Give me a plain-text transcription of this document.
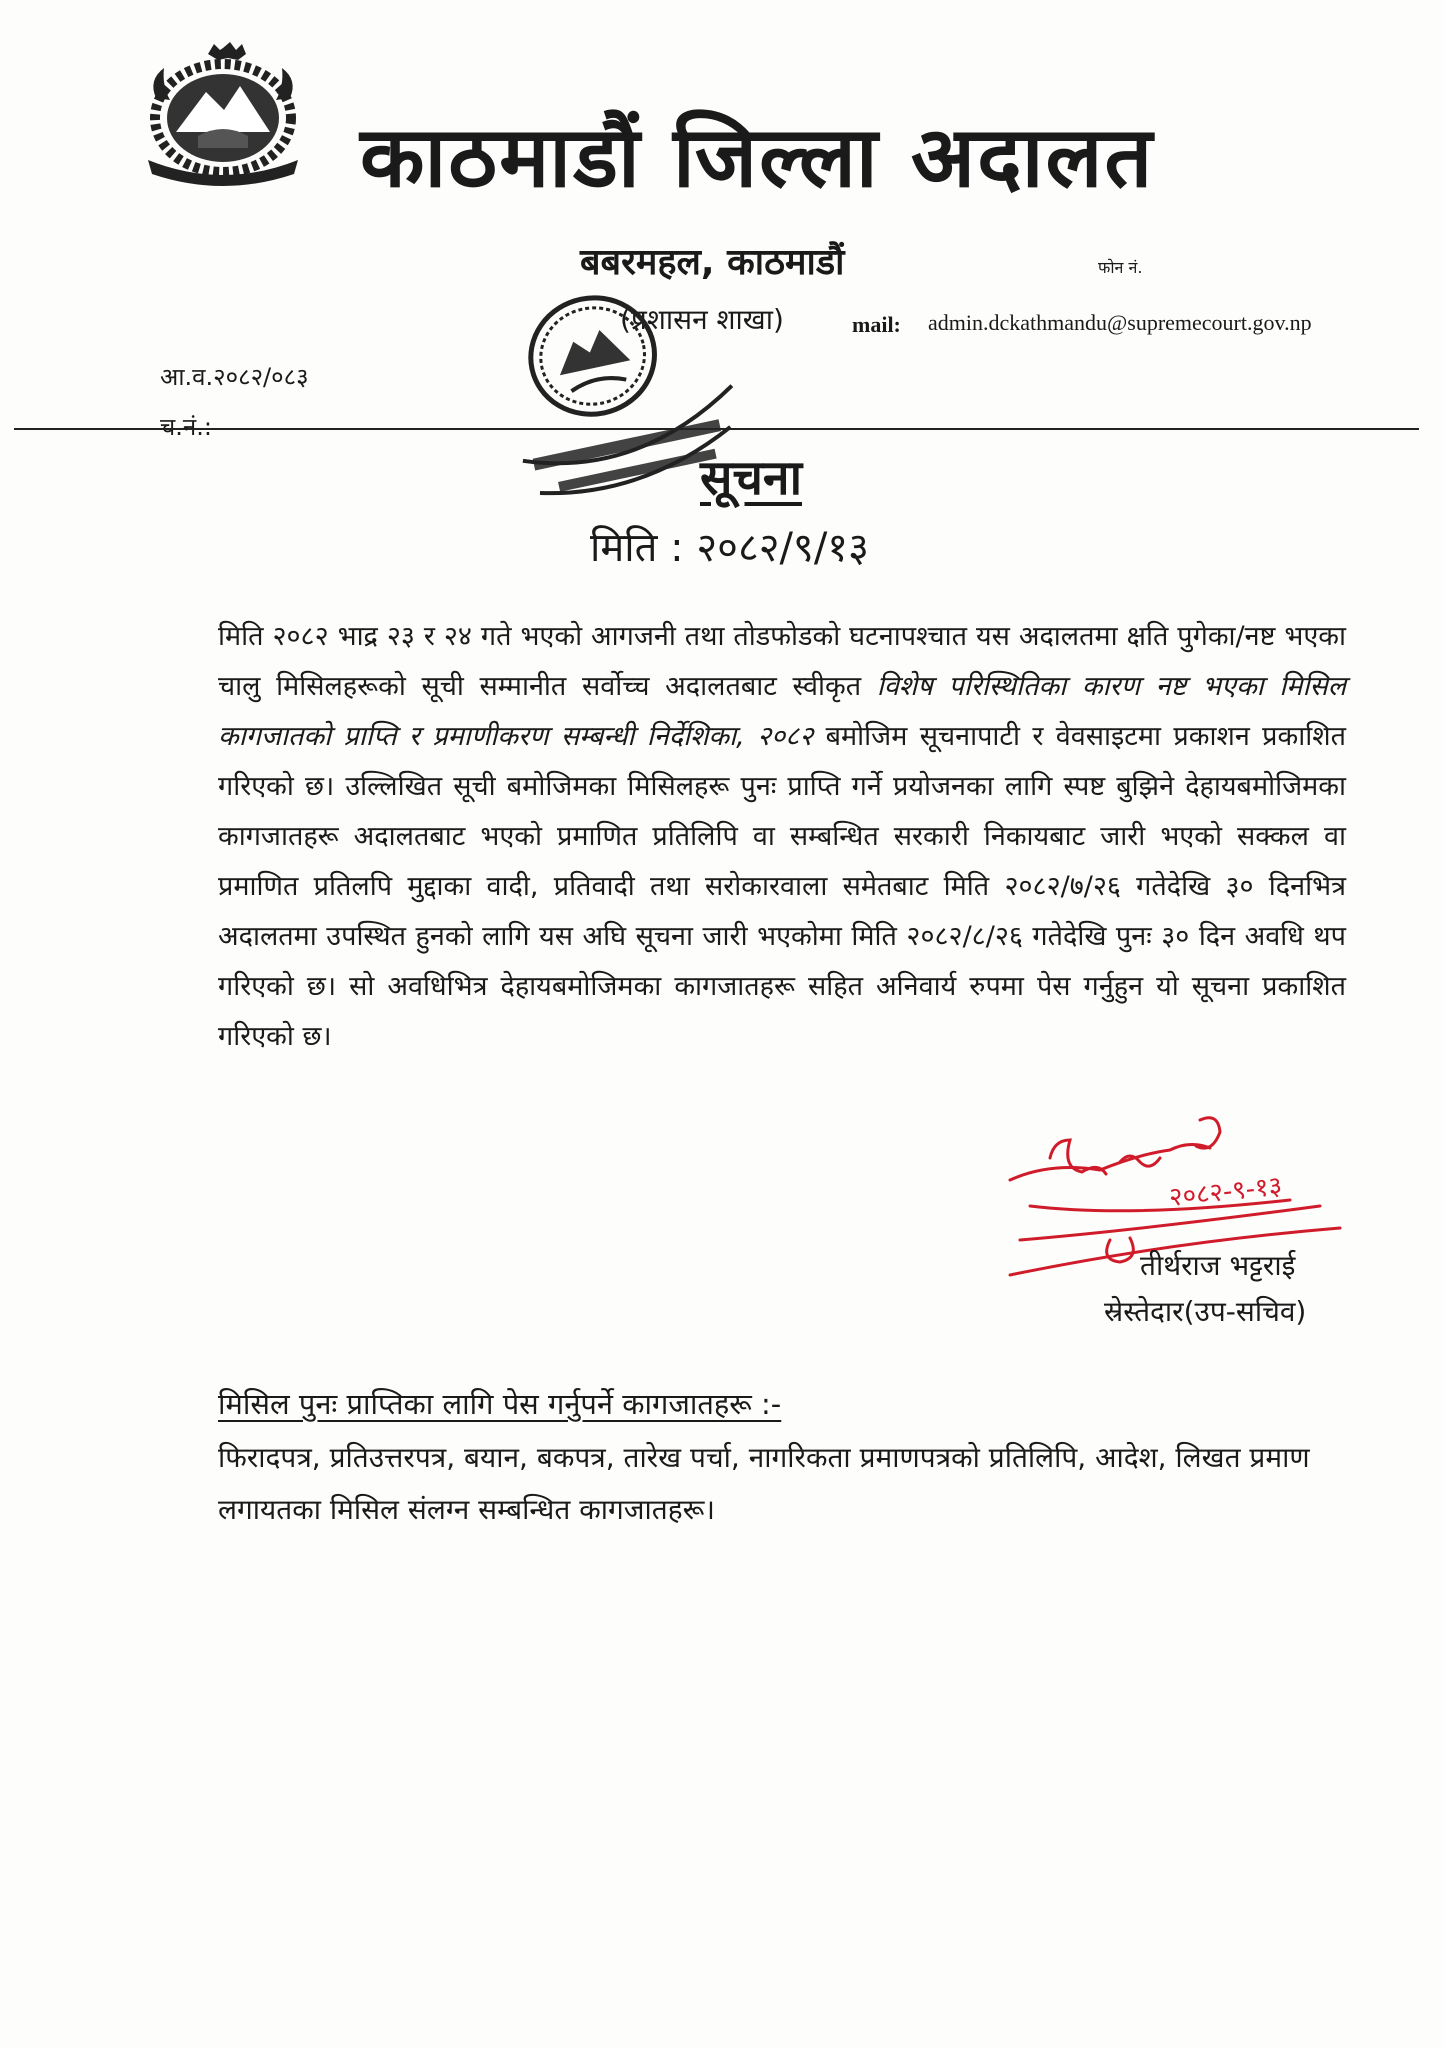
काठमाडौं जिल्ला अदालत
बबरमहल, काठमाडौं	फोन नं.
(प्रशासन शाखा)	mail: admin.dckathmandu@supremecourt.gov.np
आ.व.२०८२/०८३
च.नं.:
सूचना
मिति : २०८२/९/१३
मिति २०८२ भाद्र २३ र २४ गते भएको आगजनी तथा तोडफोडको घटनापश्चात यस अदालतमा क्षति पुगेका/नष्ट भएका चालु मिसिलहरूको सूची सम्मानीत सर्वोच्च अदालतबाट स्वीकृत विशेष परिस्थितिका कारण नष्ट भएका मिसिल कागजातको प्राप्ति र प्रमाणीकरण सम्बन्धी निर्देशिका, २०८२ बमोजिम सूचनापाटी र वेवसाइटमा प्रकाशन प्रकाशित गरिएको छ। उल्लिखित सूची बमोजिमका मिसिलहरू पुनः प्राप्ति गर्ने प्रयोजनका लागि स्पष्ट बुझिने देहायबमोजिमका कागजातहरू अदालतबाट भएको प्रमाणित प्रतिलिपि वा सम्बन्धित सरकारी निकायबाट जारी भएको सक्कल वा प्रमाणित प्रतिलपि मुद्दाका वादी, प्रतिवादी तथा सरोकारवाला समेतबाट मिति २०८२/७/२६ गतेदेखि ३० दिनभित्र अदालतमा उपस्थित हुनको लागि यस अघि सूचना जारी भएकोमा मिति २०८२/८/२६ गतेदेखि पुनः ३० दिन अवधि थप गरिएको छ। सो अवधिभित्र देहायबमोजिमका कागजातहरू सहित अनिवार्य रुपमा पेस गर्नुहुन यो सूचना प्रकाशित गरिएको छ।
२०८२-९-१३
तीर्थराज भट्टराई
स्रेस्तेदार(उप-सचिव)
मिसिल पुनः प्राप्तिका लागि पेस गर्नुपर्ने कागजातहरू :-
फिरादपत्र, प्रतिउत्तरपत्र, बयान, बकपत्र, तारेख पर्चा, नागरिकता प्रमाणपत्रको प्रतिलिपि, आदेश, लिखत प्रमाण लगायतका मिसिल संलग्न सम्बन्धित कागजातहरू।
